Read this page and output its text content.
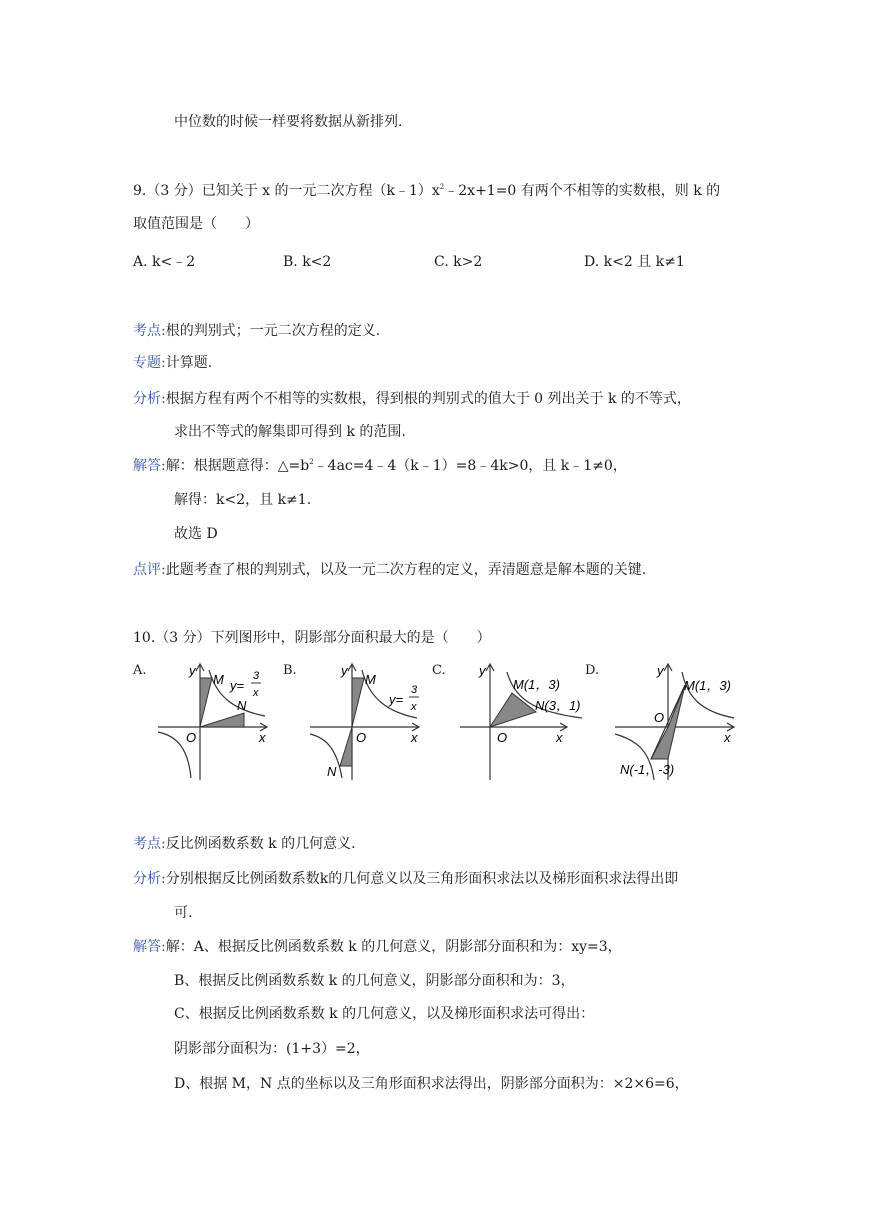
中位数的时候一样要将数据从新排列.
9.（3 分）已知关于 x 的一元二次方程$(k﹣1)x^2﹣2x+1=0$ 有两个不相等的实数根，则 k 的
取值范围是（　　）
A. k<﹣2	B. k<2	C. k>2	D. k<2 且 k≠1
考点:根的判别式；一元二次方程的定义.
专题:计算题.
分析:根据方程有两个不相等的实数根，得到根的判别式的值大于 0 列出关于 k 的不等式，
求出不等式的解集即可得到 k 的范围.
解答:解：根据题意得：$\triangle=b^2﹣4ac=4﹣4(k﹣1)=8﹣4k>0$，且 k﹣1≠0，
解得：k<2，且 k≠1.
故选 D
点评:此题考查了根的判别式，以及一元二次方程的定义，弄清题意是解本题的关键.
10.（3 分）下列图形中，阴影部分面积最大的是（　　）
A.	B.	C.	D.
y
x
O
M
N
y=
3
x
y
x
O
M
N
y=
3
x
y
x
O
M(1，3)
N(3，1)
y
x
O
M(1，3)
N(-1，-3)
考点:反比例函数系数 k 的几何意义.
分析:分别根据反比例函数系数k的几何意义以及三角形面积求法以及梯形面积求法得出即
可.
解答:解：A、根据反比例函数系数 k 的几何意义，阴影部分面积和为：xy=3，
B、根据反比例函数系数 k 的几何意义，阴影部分面积和为：3，
C、根据反比例函数系数 k 的几何意义，以及梯形面积求法可得出：
阴影部分面积为：(1+3）=2，
D、根据 M，N 点的坐标以及三角形面积求法得出，阴影部分面积为：×2×6=6，
